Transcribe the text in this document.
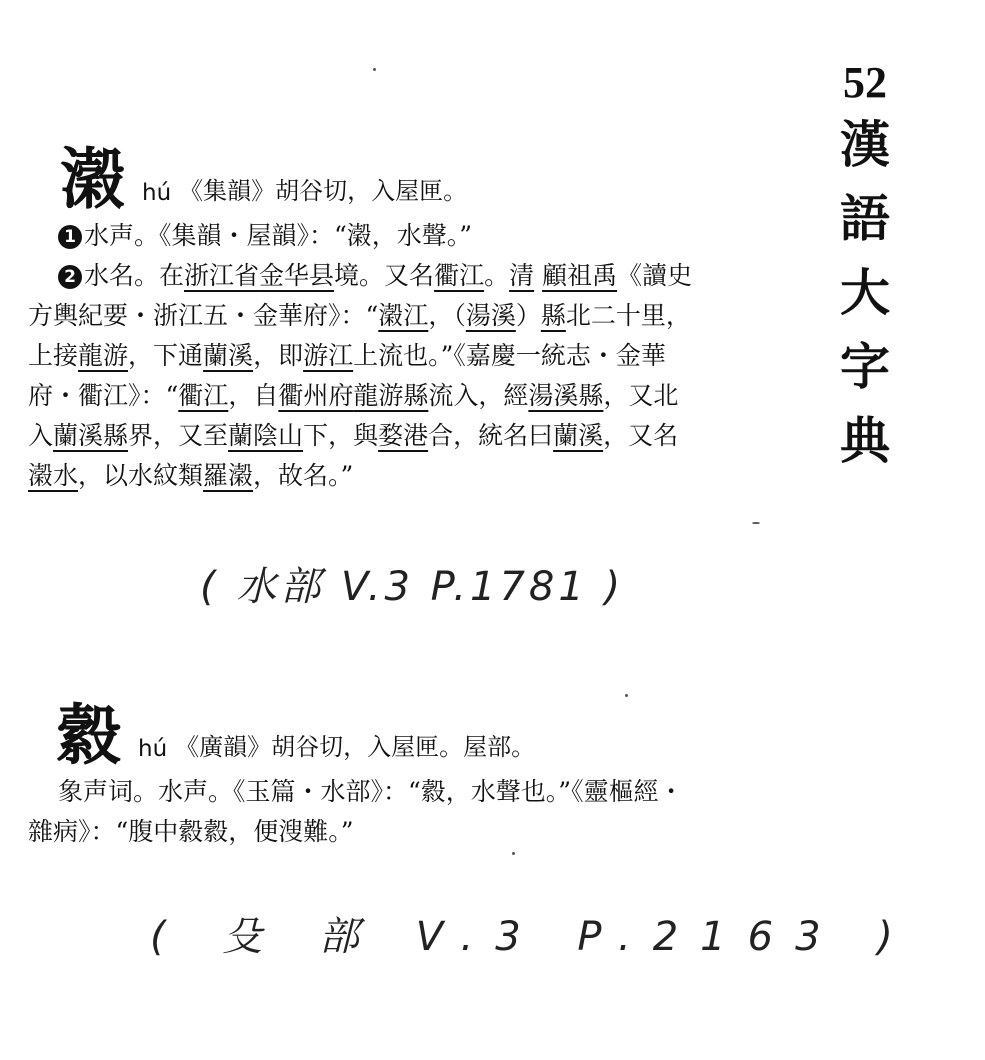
52
漢
語
大
字
典
濲 hú 《集韻》胡谷切，入屋匣。
1 水声。《集韻・屋韻》：“濲，水聲。”
2 水名。在浙江省金华县境。又名衢江。清 顧祖禹《讀史
方輿紀要・浙江五・金華府》：“濲江，（湯溪）縣北二十里，
上接龍游，下通蘭溪，即游江上流也。”《嘉慶一統志・金華
府・衢江》：“衢江，自衢州府龍游縣流入，經湯溪縣，又北
入蘭溪縣界，又至蘭陰山下，與婺港合，統名曰蘭溪，又名
濲水，以水紋類羅濲，故名。”
( 水部 V.3 P.1781 )
縠 hú 《廣韻》胡谷切，入屋匣。屋部。
象声词。水声。《玉篇・水部》：“縠，水聲也。”《靈樞經・
雜病》：“腹中縠縠，便溲難。”
( 殳 部 V.3 P.2163 )
